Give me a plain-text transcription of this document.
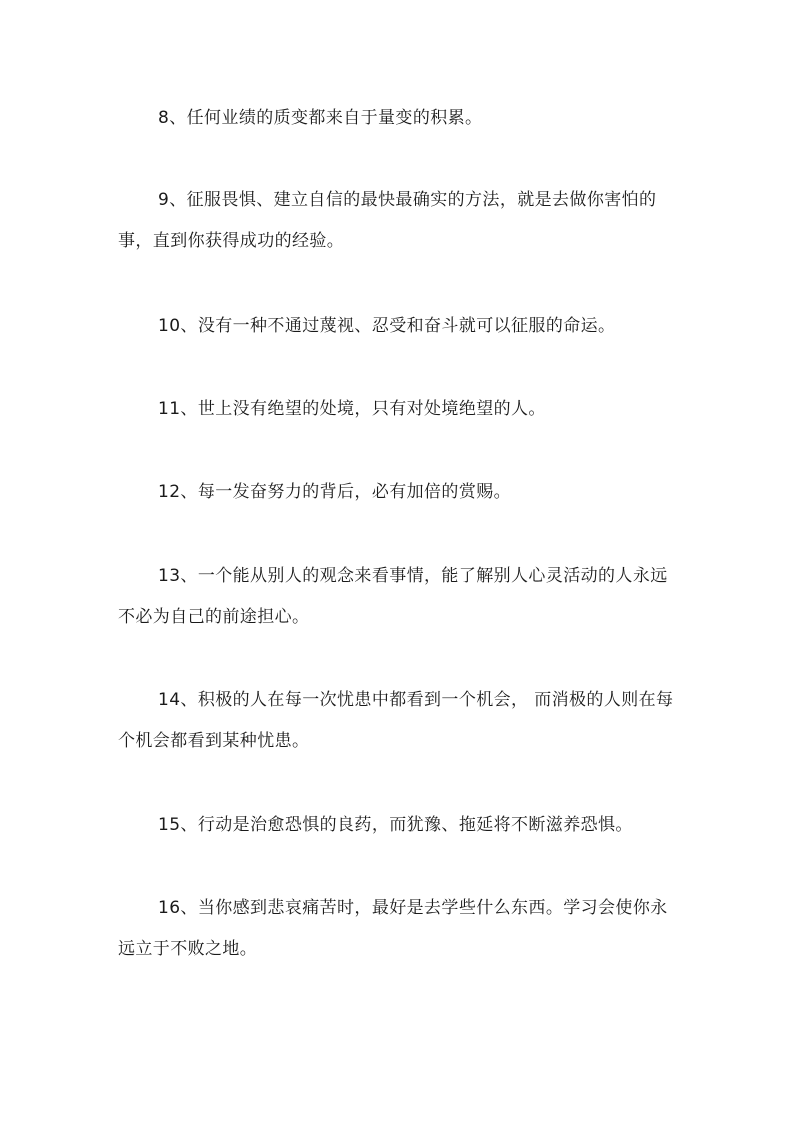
8、任何业绩的质变都来自于量变的积累。

9、征服畏惧、建立自信的最快最确实的方法，就是去做你害怕的事，直到你获得成功的经验。

10、没有一种不通过蔑视、忍受和奋斗就可以征服的命运。

11、世上没有绝望的处境，只有对处境绝望的人。

12、每一发奋努力的背后，必有加倍的赏赐。

13、一个能从别人的观念来看事情，能了解别人心灵活动的人永远不必为自己的前途担心。

14、积极的人在每一次忧患中都看到一个机会， 而消极的人则在每个机会都看到某种忧患。

15、行动是治愈恐惧的良药，而犹豫、拖延将不断滋养恐惧。

16、当你感到悲哀痛苦时，最好是去学些什么东西。学习会使你永远立于不败之地。
